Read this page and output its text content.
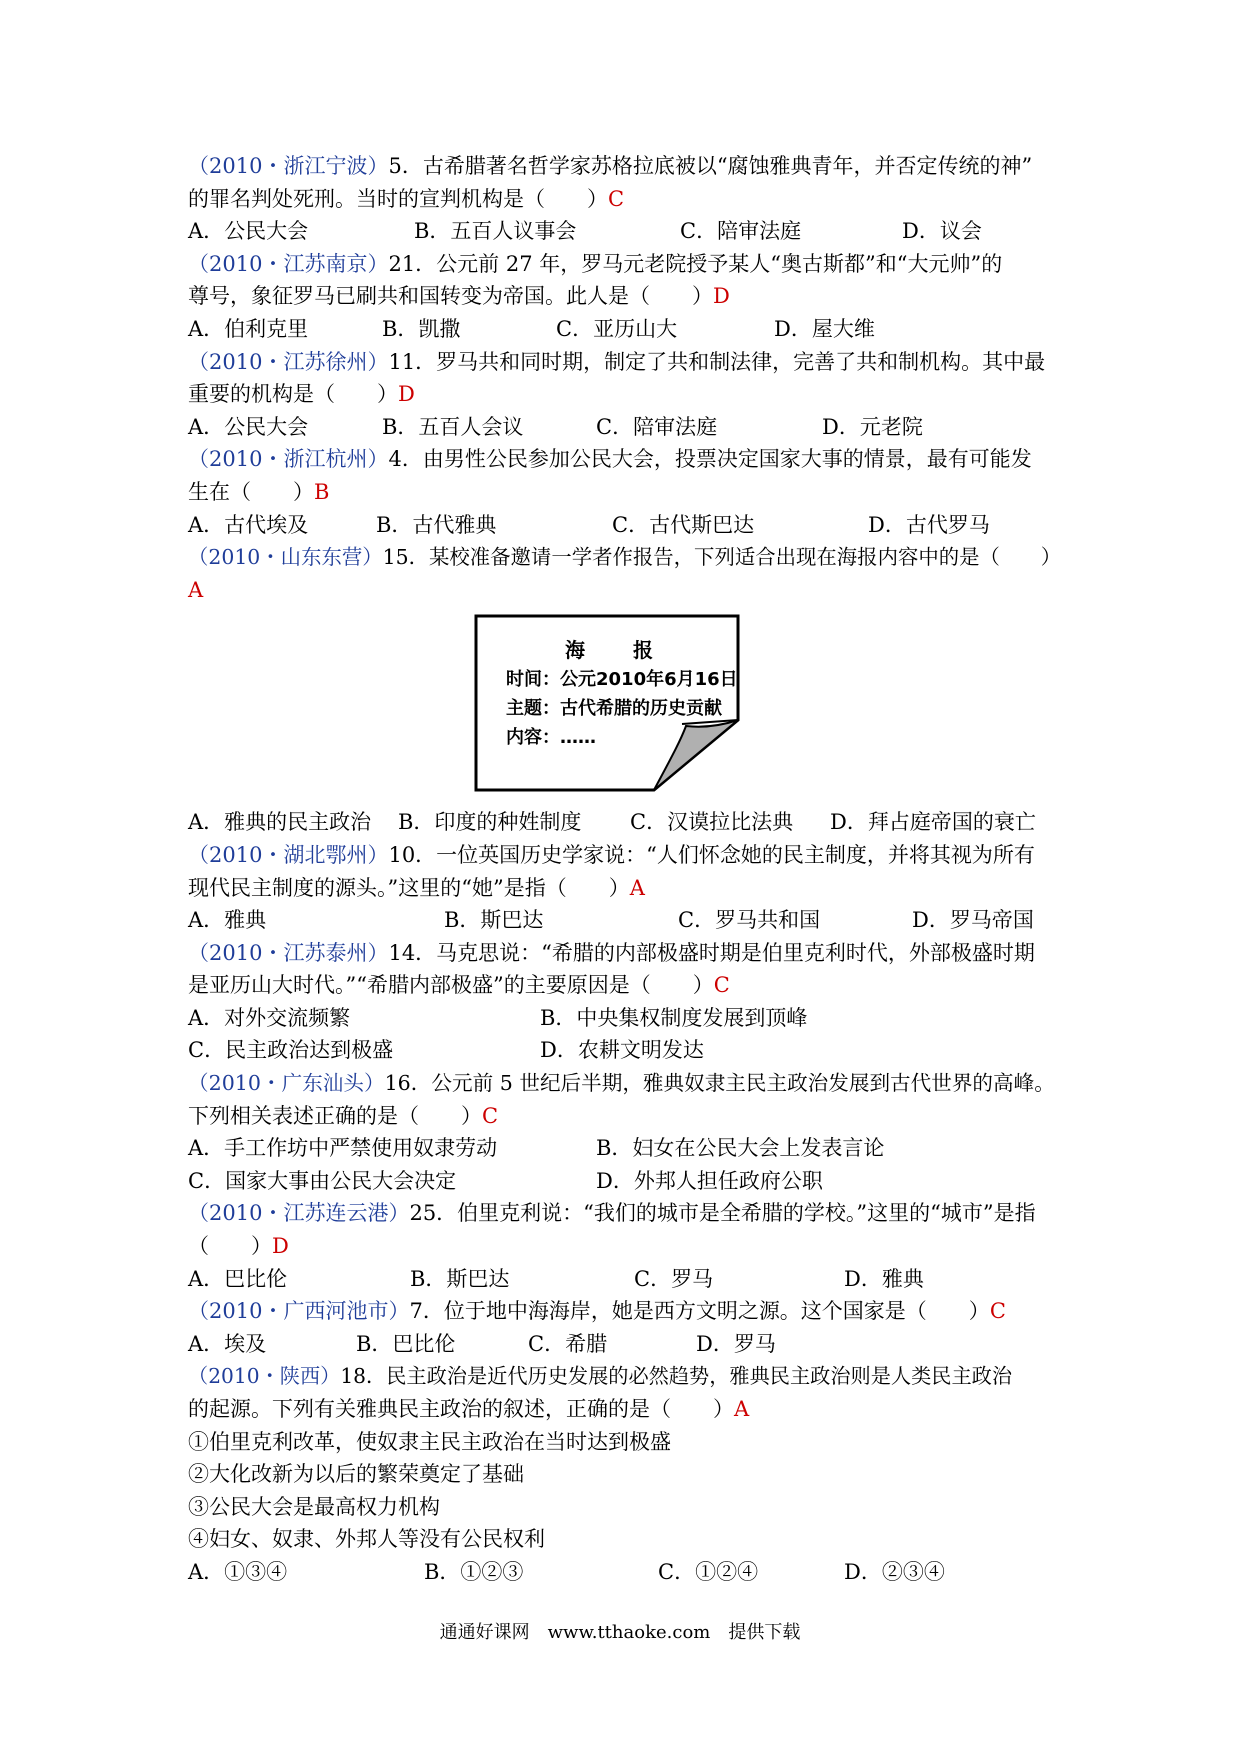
（2010・浙江宁波）5．古希腊著名哲学家苏格拉底被以“腐蚀雅典青年，并否定传统的神”
的罪名判处死刑。当时的宣判机构是（　　）C
A．公民大会	B．五百人议事会	C．陪审法庭	D．议会
（2010・江苏南京）21．公元前 27 年，罗马元老院授予某人“奥古斯都”和“大元帅”的
尊号，象征罗马已刷共和国转变为帝国。此人是（　　）D
A．伯利克里	B．凯撒	C．亚历山大	D．屋大维
（2010・江苏徐州）11．罗马共和同时期，制定了共和制法律，完善了共和制机构。其中最
重要的机构是（　　）D
A．公民大会	B．五百人会议	C．陪审法庭	D．元老院
（2010・浙江杭州）4．由男性公民参加公民大会，投票决定国家大事的情景，最有可能发
生在（　　）B
A．古代埃及	B．古代雅典	C．古代斯巴达	D．古代罗马
（2010・山东东营）15．某校准备邀请一学者作报告，下列适合出现在海报内容中的是（　　）
A
海　报
时间：公元2010年6月16日
主题：古代希腊的历史贡献
内容：……
A．雅典的民主政治	B．印度的种姓制度	C．汉谟拉比法典	D．拜占庭帝国的衰亡
（2010・湖北鄂州）10．一位英国历史学家说：“人们怀念她的民主制度，并将其视为所有
现代民主制度的源头。”这里的“她”是指（　　）A
A．雅典	B．斯巴达	C．罗马共和国	D．罗马帝国
（2010・江苏泰州）14．马克思说：“希腊的内部极盛时期是伯里克利时代，外部极盛时期
是亚历山大时代。”“希腊内部极盛”的主要原因是（　　）C
A．对外交流频繁	B．中央集权制度发展到顶峰
C．民主政治达到极盛	D．农耕文明发达
（2010・广东汕头）16．公元前 5 世纪后半期，雅典奴隶主民主政治发展到古代世界的高峰。
下列相关表述正确的是（　　）C
A．手工作坊中严禁使用奴隶劳动	B．妇女在公民大会上发表言论
C．国家大事由公民大会决定	D．外邦人担任政府公职
（2010・江苏连云港）25．伯里克利说：“我们的城市是全希腊的学校。”这里的“城市”是指
（　　）D
A．巴比伦	B．斯巴达	C．罗马	D．雅典
（2010・广西河池市）7．位于地中海海岸，她是西方文明之源。这个国家是（　　）C
A．埃及	B．巴比伦	C．希腊	D．罗马
（2010・陕西）18．民主政治是近代历史发展的必然趋势，雅典民主政治则是人类民主政治
的起源。下列有关雅典民主政治的叙述，正确的是（　　）A
①伯里克利改革，使奴隶主民主政治在当时达到极盛
②大化改新为以后的繁荣奠定了基础
③公民大会是最高权力机构
④妇女、奴隶、外邦人等没有公民权利
A．①③④	B．①②③	C．①②④	D．②③④
通通好课网　www.tthaoke.com　提供下载
